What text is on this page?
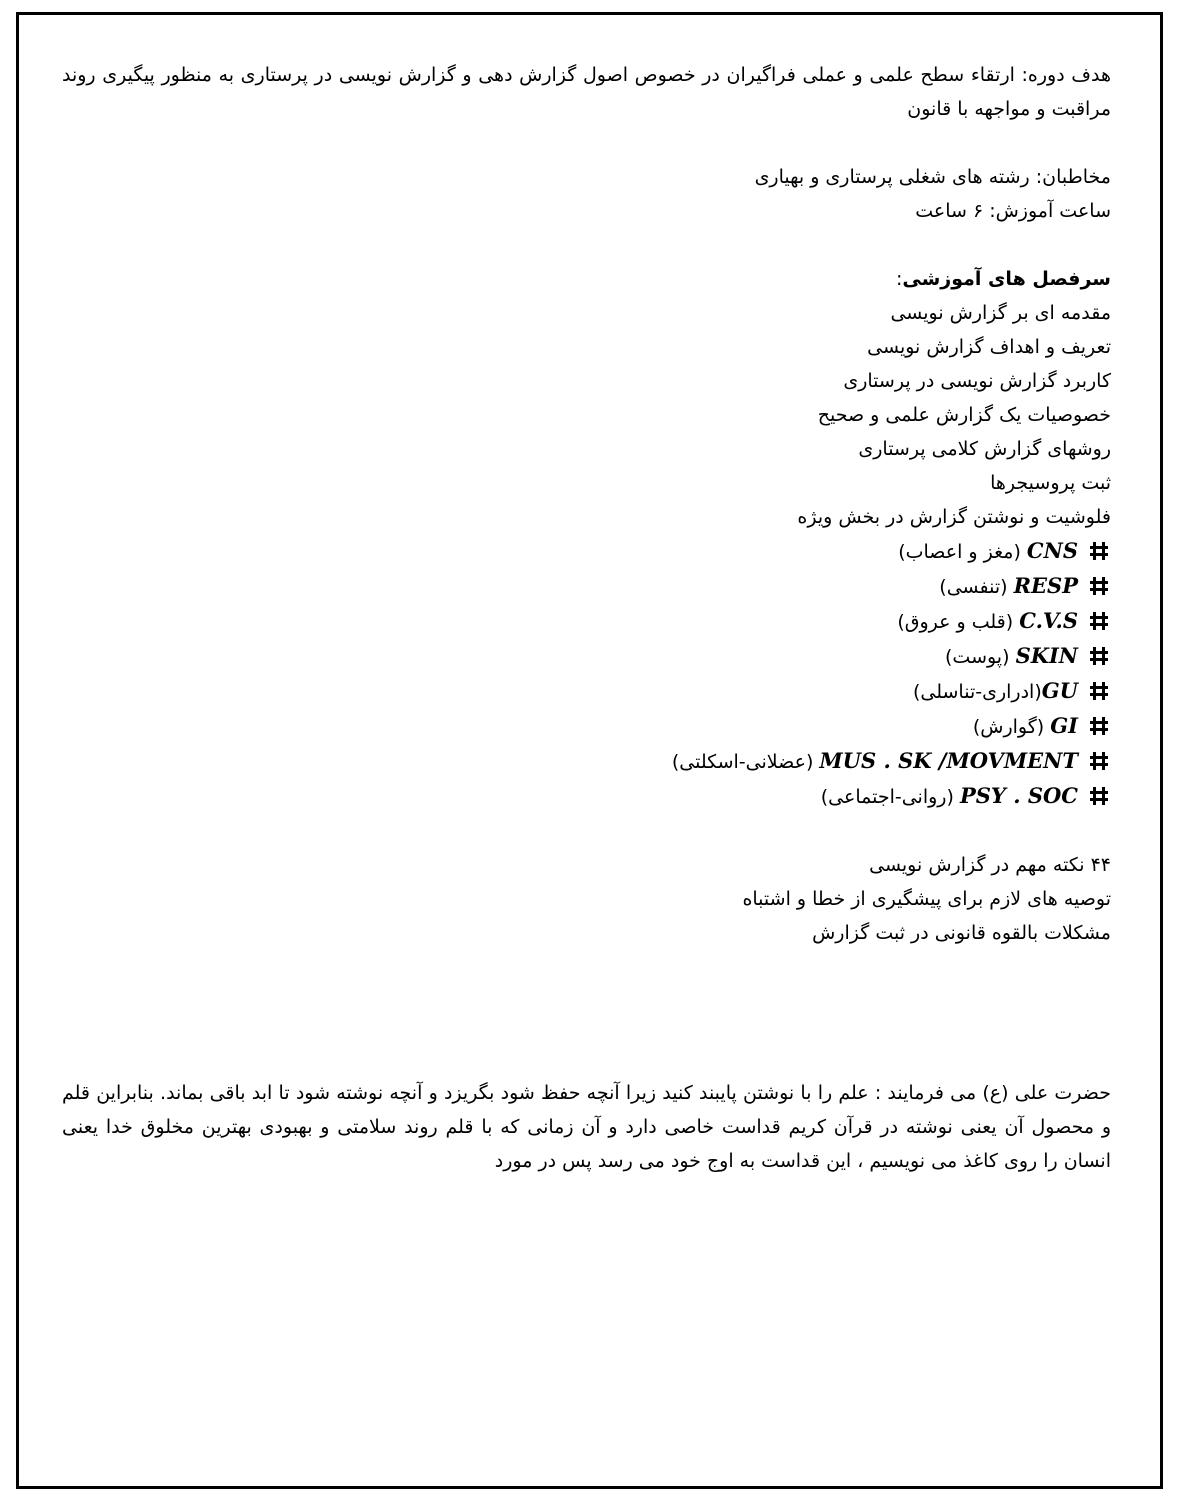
هدف دوره: ارتقاء سطح علمی و عملی فراگیران در خصوص اصول گزارش دهی و گزارش نویسی در پرستاری به منظور پیگیری روند مراقبت و مواجهه با قانون

مخاطبان: رشته های شغلی پرستاری و بهیاری

ساعت آموزش: ۶ ساعت

سرفصل های آموزشی:

مقدمه ای بر گزارش نویسی

تعریف و اهداف گزارش نویسی

کاربرد گزارش نویسی در پرستاری

خصوصیات یک گزارش علمی و صحیح

روشهای گزارش کلامی پرستاری

ثبت پروسیجرها

فلوشیت و نوشتن گزارش در بخش ویژه

CNS (مغز و اعصاب)

RESP (تنفسی)

C.V.S (قلب و عروق)

SKIN (پوست)

GU(ادراری-تناسلی)

GI (گوارش)

MUS . SK /MOVMENT (عضلانی-اسکلتی)

PSY . SOC (روانی-اجتماعی)

۴۴ نکته مهم در گزارش نویسی

توصیه های لازم برای پیشگیری از خطا و اشتباه

مشکلات بالقوه قانونی در ثبت گزارش

حضرت علی (ع) می فرمایند : علم را با نوشتن پایبند کنید زیرا آنچه حفظ شود بگریزد و آنچه نوشته شود تا ابد باقی بماند. بنابراین قلم و محصول آن یعنی نوشته در قرآن کریم قداست خاصی دارد و آن زمانی که با قلم روند سلامتی و بهبودی بهترین مخلوق خدا یعنی انسان را روی کاغذ می نویسیم ، این قداست به اوج خود می رسد پس در مورد
